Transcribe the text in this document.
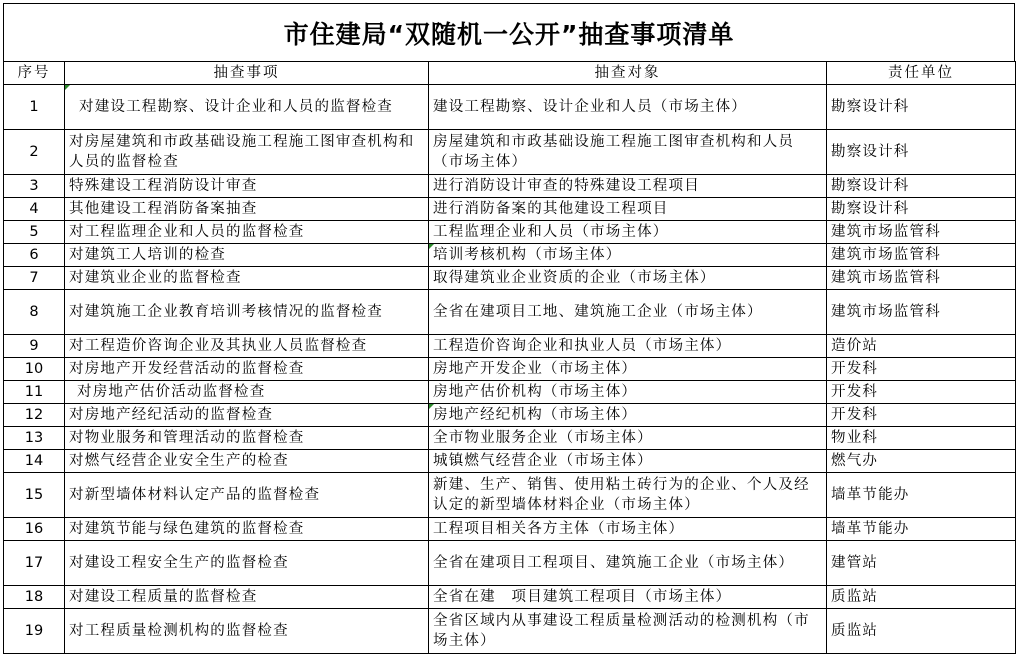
市住建局“双随机一公开”抽查事项清单
序号	抽查事项	抽查对象	责任单位
1	对建设工程勘察、设计企业和人员的监督检查	建设工程勘察、设计企业和人员（市场主体）	勘察设计科
2	对房屋建筑和市政基础设施工程施工图审查机构和人员的监督检查	房屋建筑和市政基础设施工程施工图审查机构和人员（市场主体）	勘察设计科
3	特殊建设工程消防设计审查	进行消防设计审查的特殊建设工程项目	勘察设计科
4	其他建设工程消防备案抽查	进行消防备案的其他建设工程项目	勘察设计科
5	对工程监理企业和人员的监督检查	工程监理企业和人员（市场主体）	建筑市场监管科
6	对建筑工人培训的检查	培训考核机构（市场主体）	建筑市场监管科
7	对建筑业企业的监督检查	取得建筑业企业资质的企业（市场主体）	建筑市场监管科
8	对建筑施工企业教育培训考核情况的监督检查	全省在建项目工地、建筑施工企业（市场主体）	建筑市场监管科
9	对工程造价咨询企业及其执业人员监督检查	工程造价咨询企业和执业人员（市场主体）	造价站
10	对房地产开发经营活动的监督检查	房地产开发企业（市场主体）	开发科
11	对房地产估价活动监督检查	房地产估价机构（市场主体）	开发科
12	对房地产经纪活动的监督检查	房地产经纪机构（市场主体）	开发科
13	对物业服务和管理活动的监督检查	全市物业服务企业（市场主体）	物业科
14	对燃气经营企业安全生产的检查	城镇燃气经营企业（市场主体）	燃气办
15	对新型墙体材料认定产品的监督检查	新建、生产、销售、使用粘土砖行为的企业、个人及经认定的新型墙体材料企业（市场主体）	墙革节能办
16	对建筑节能与绿色建筑的监督检查	工程项目相关各方主体（市场主体）	墙革节能办
17	对建设工程安全生产的监督检查	全省在建项目工程项目、建筑施工企业（市场主体）	建管站
18	对建设工程质量的监督检查	全省在建　项目建筑工程项目（市场主体）	质监站
19	对工程质量检测机构的监督检查	全省区域内从事建设工程质量检测活动的检测机构（市场主体）	质监站
